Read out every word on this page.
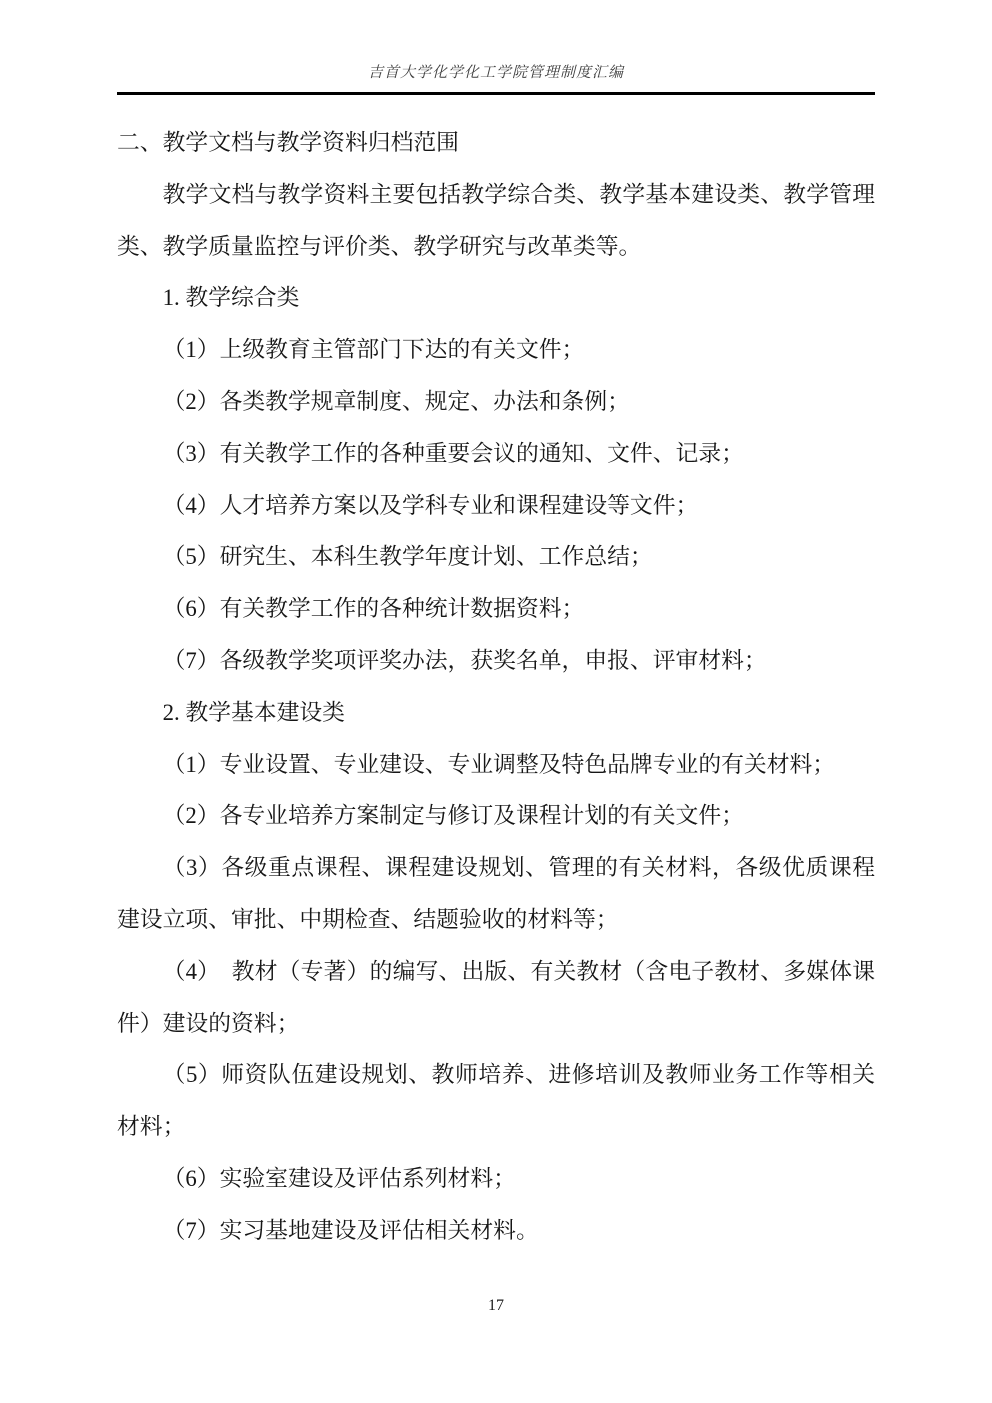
吉首大学化学化工学院管理制度汇编

二、教学文档与教学资料归档范围

教学文档与教学资料主要包括教学综合类、教学基本建设类、教学管理类、教学质量监控与评价类、教学研究与改革类等。

1. 教学综合类

（1）上级教育主管部门下达的有关文件；

（2）各类教学规章制度、规定、办法和条例；

（3）有关教学工作的各种重要会议的通知、文件、记录；

（4）人才培养方案以及学科专业和课程建设等文件；

（5）研究生、本科生教学年度计划、工作总结；

（6）有关教学工作的各种统计数据资料；

（7）各级教学奖项评奖办法，获奖名单，申报、评审材料；

2. 教学基本建设类

（1）专业设置、专业建设、专业调整及特色品牌专业的有关材料；

（2）各专业培养方案制定与修订及课程计划的有关文件；

（3）各级重点课程、课程建设规划、管理的有关材料，各级优质课程建设立项、审批、中期检查、结题验收的材料等；

（4）　教材（专著）的编写、出版、有关教材（含电子教材、多媒体课件）建设的资料；

（5）师资队伍建设规划、教师培养、进修培训及教师业务工作等相关材料；

（6）实验室建设及评估系列材料；

（7）实习基地建设及评估相关材料。

17
